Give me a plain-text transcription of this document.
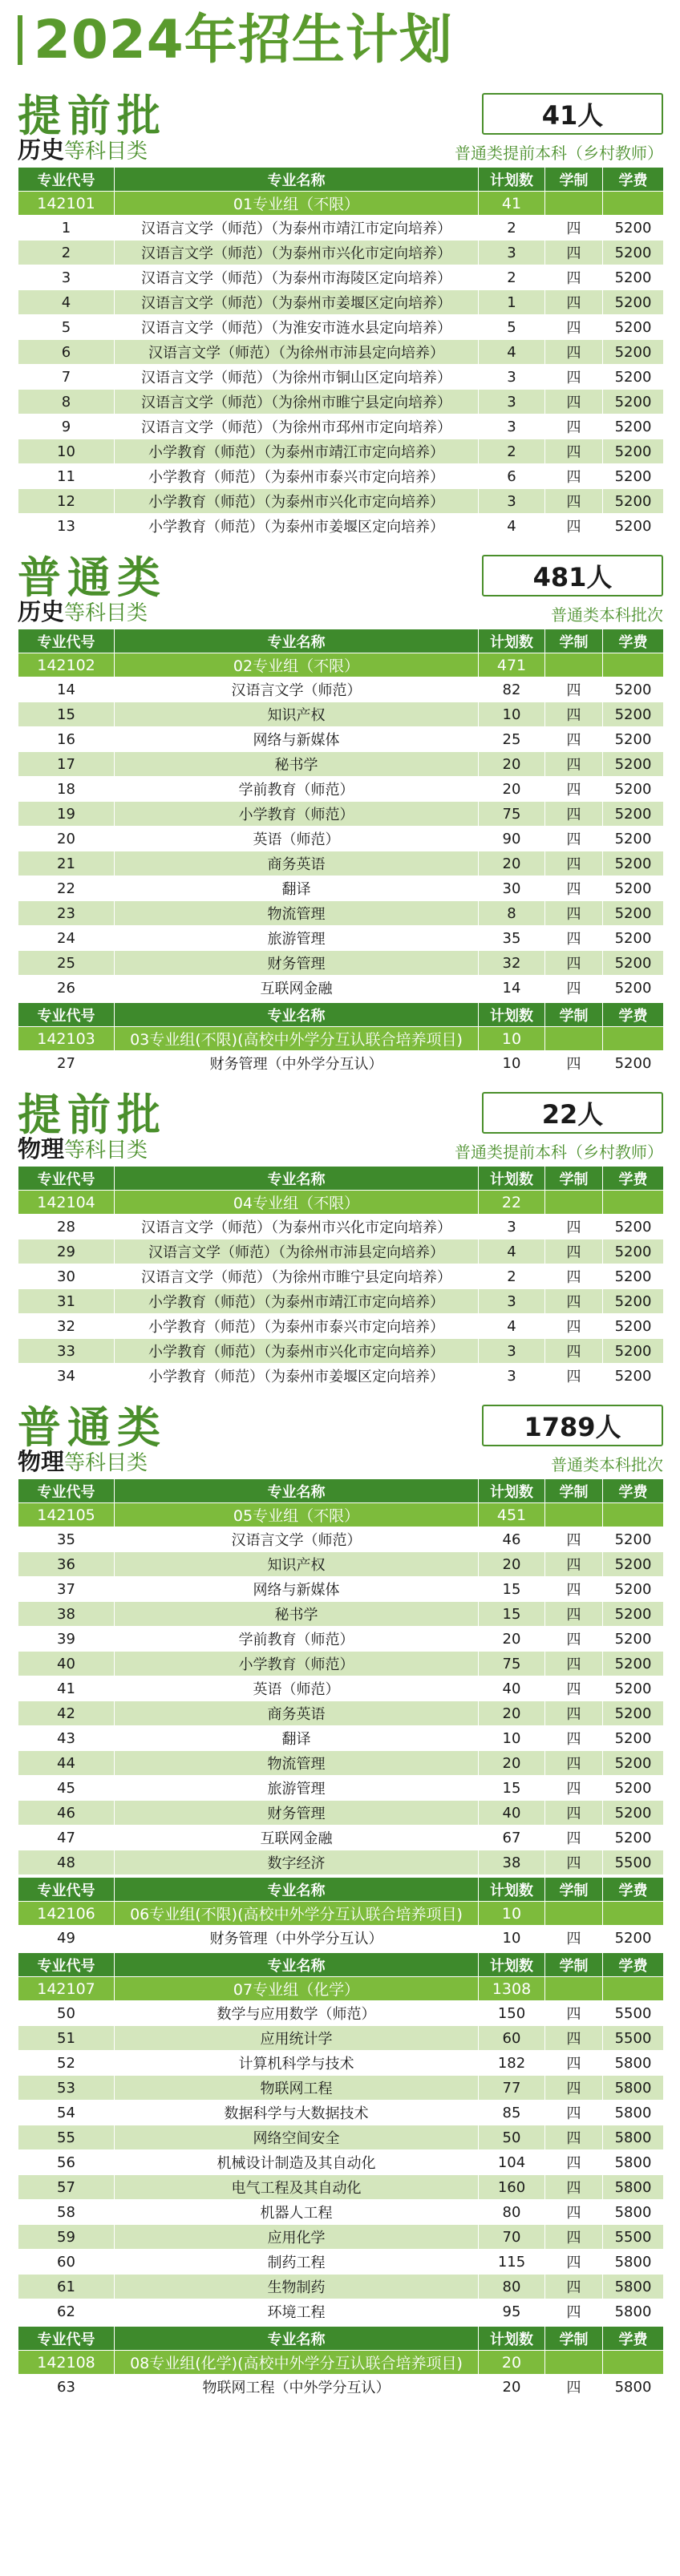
2024年招生计划
提前批	41人
历史等科目类	普通类提前本科（乡村教师）
专业代号	专业名称	计划数	学制	学费
142101	01专业组（不限）	41		
1	汉语言文学（师范）（为泰州市靖江市定向培养）	2	四	5200
2	汉语言文学（师范）（为泰州市兴化市定向培养）	3	四	5200
3	汉语言文学（师范）（为泰州市海陵区定向培养）	2	四	5200
4	汉语言文学（师范）（为泰州市姜堰区定向培养）	1	四	5200
5	汉语言文学（师范）（为淮安市涟水县定向培养）	5	四	5200
6	汉语言文学（师范）（为徐州市沛县定向培养）	4	四	5200
7	汉语言文学（师范）（为徐州市铜山区定向培养）	3	四	5200
8	汉语言文学（师范）（为徐州市睢宁县定向培养）	3	四	5200
9	汉语言文学（师范）（为徐州市邳州市定向培养）	3	四	5200
10	小学教育（师范）（为泰州市靖江市定向培养）	2	四	5200
11	小学教育（师范）（为泰州市泰兴市定向培养）	6	四	5200
12	小学教育（师范）（为泰州市兴化市定向培养）	3	四	5200
13	小学教育（师范）（为泰州市姜堰区定向培养）	4	四	5200
普通类	481人
历史等科目类	普通类本科批次
专业代号	专业名称	计划数	学制	学费
142102	02专业组（不限）	471		
14	汉语言文学（师范）	82	四	5200
15	知识产权	10	四	5200
16	网络与新媒体	25	四	5200
17	秘书学	20	四	5200
18	学前教育（师范）	20	四	5200
19	小学教育（师范）	75	四	5200
20	英语（师范）	90	四	5200
21	商务英语	20	四	5200
22	翻译	30	四	5200
23	物流管理	8	四	5200
24	旅游管理	35	四	5200
25	财务管理	32	四	5200
26	互联网金融	14	四	5200
专业代号	专业名称	计划数	学制	学费
142103	03专业组(不限)(高校中外学分互认联合培养项目)	10		
27	财务管理（中外学分互认）	10	四	5200
提前批	22人
物理等科目类	普通类提前本科（乡村教师）
专业代号	专业名称	计划数	学制	学费
142104	04专业组（不限）	22		
28	汉语言文学（师范）（为泰州市兴化市定向培养）	3	四	5200
29	汉语言文学（师范）（为徐州市沛县定向培养）	4	四	5200
30	汉语言文学（师范）（为徐州市睢宁县定向培养）	2	四	5200
31	小学教育（师范）（为泰州市靖江市定向培养）	3	四	5200
32	小学教育（师范）（为泰州市泰兴市定向培养）	4	四	5200
33	小学教育（师范）（为泰州市兴化市定向培养）	3	四	5200
34	小学教育（师范）（为泰州市姜堰区定向培养）	3	四	5200
普通类	1789人
物理等科目类	普通类本科批次
专业代号	专业名称	计划数	学制	学费
142105	05专业组（不限）	451		
35	汉语言文学（师范）	46	四	5200
36	知识产权	20	四	5200
37	网络与新媒体	15	四	5200
38	秘书学	15	四	5200
39	学前教育（师范）	20	四	5200
40	小学教育（师范）	75	四	5200
41	英语（师范）	40	四	5200
42	商务英语	20	四	5200
43	翻译	10	四	5200
44	物流管理	20	四	5200
45	旅游管理	15	四	5200
46	财务管理	40	四	5200
47	互联网金融	67	四	5200
48	数字经济	38	四	5500
专业代号	专业名称	计划数	学制	学费
142106	06专业组(不限)(高校中外学分互认联合培养项目)	10		
49	财务管理（中外学分互认）	10	四	5200
专业代号	专业名称	计划数	学制	学费
142107	07专业组（化学）	1308		
50	数学与应用数学（师范）	150	四	5500
51	应用统计学	60	四	5500
52	计算机科学与技术	182	四	5800
53	物联网工程	77	四	5800
54	数据科学与大数据技术	85	四	5800
55	网络空间安全	50	四	5800
56	机械设计制造及其自动化	104	四	5800
57	电气工程及其自动化	160	四	5800
58	机器人工程	80	四	5800
59	应用化学	70	四	5500
60	制药工程	115	四	5800
61	生物制药	80	四	5800
62	环境工程	95	四	5800
专业代号	专业名称	计划数	学制	学费
142108	08专业组(化学)(高校中外学分互认联合培养项目)	20		
63	物联网工程（中外学分互认）	20	四	5800
